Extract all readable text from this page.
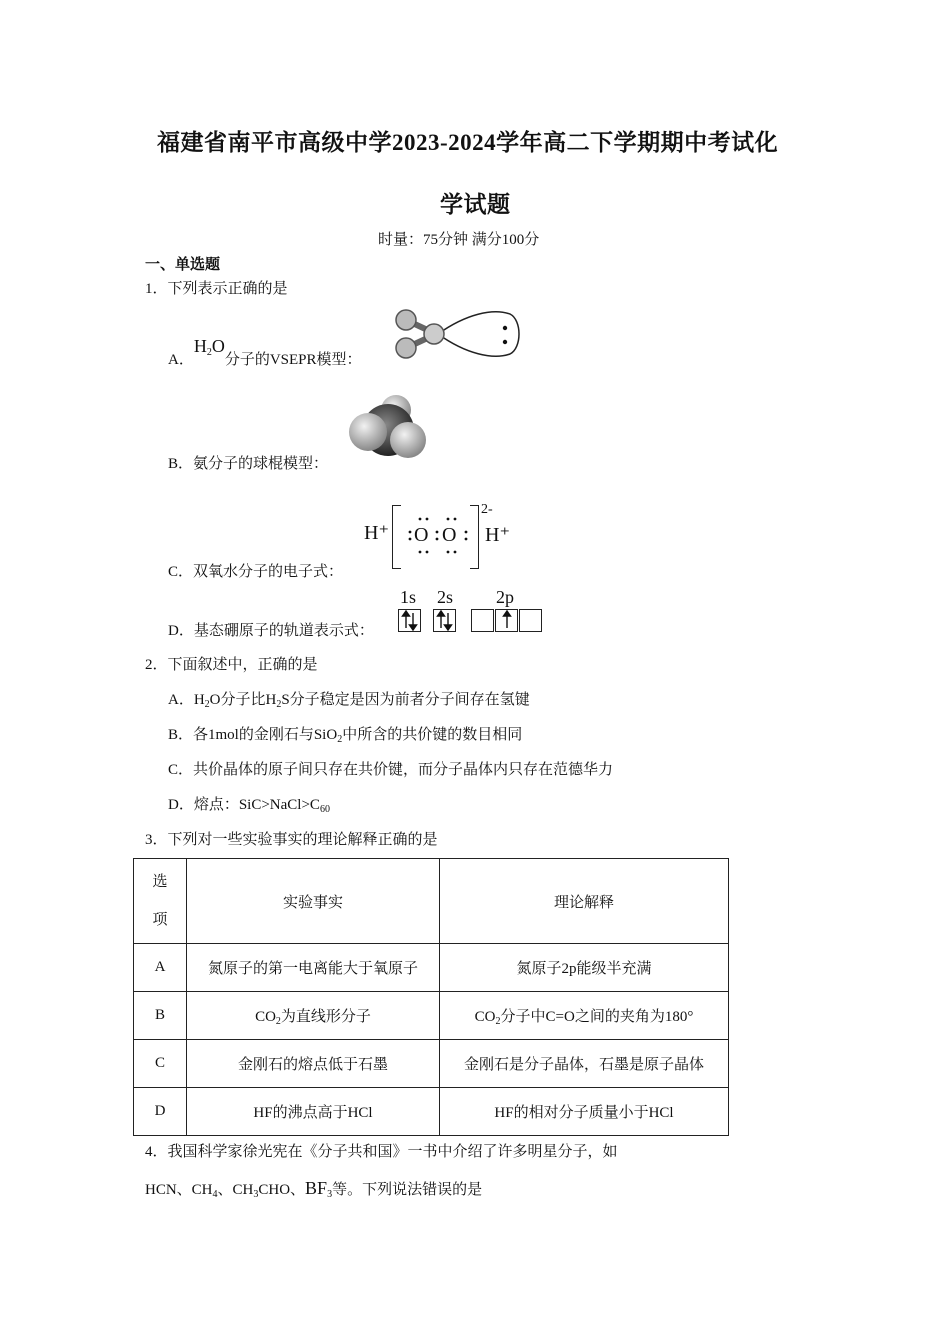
福建省南平市高级中学2023-2024学年高二下学期期中考试化
学试题
时量：75分钟 满分100分
一、单选题
1．下列表示正确的是
A．$H_2O$分子的VSEPR模型：
B．氨分子的球棍模型：
C．双氧水分子的电子式：
H⁺ O O
2-
H⁺
D．基态硼原子的轨道表示式：
1s 2s 2p
2．下面叙述中，正确的是
A．$H_2O$分子比$H_2S$分子稳定是因为前者分子间存在氢键
B．各1mol的金刚石与SiO$_2$中所含的共价键的数目相同
C．共价晶体的原子间只存在共价键，而分子晶体内只存在范德华力
D．熔点：$SiC>NaCl>C_{60}$
3．下列对一些实验事实的理论解释正确的是
选
项	实验事实	理论解释
A	氮原子的第一电离能大于氧原子	氮原子2p能级半充满
B	$CO_2$为直线形分子	$CO_2$分子中C=O之间的夹角为180°
C	金刚石的熔点低于石墨	金刚石是分子晶体，石墨是原子晶体
D	HF的沸点高于HCl	HF的相对分子质量小于HCl
4．我国科学家徐光宪在《分子共和国》一书中介绍了许多明星分子，如
HCN、$CH_4$、$CH_3CHO$、$BF_3$等。下列说法错误的是
